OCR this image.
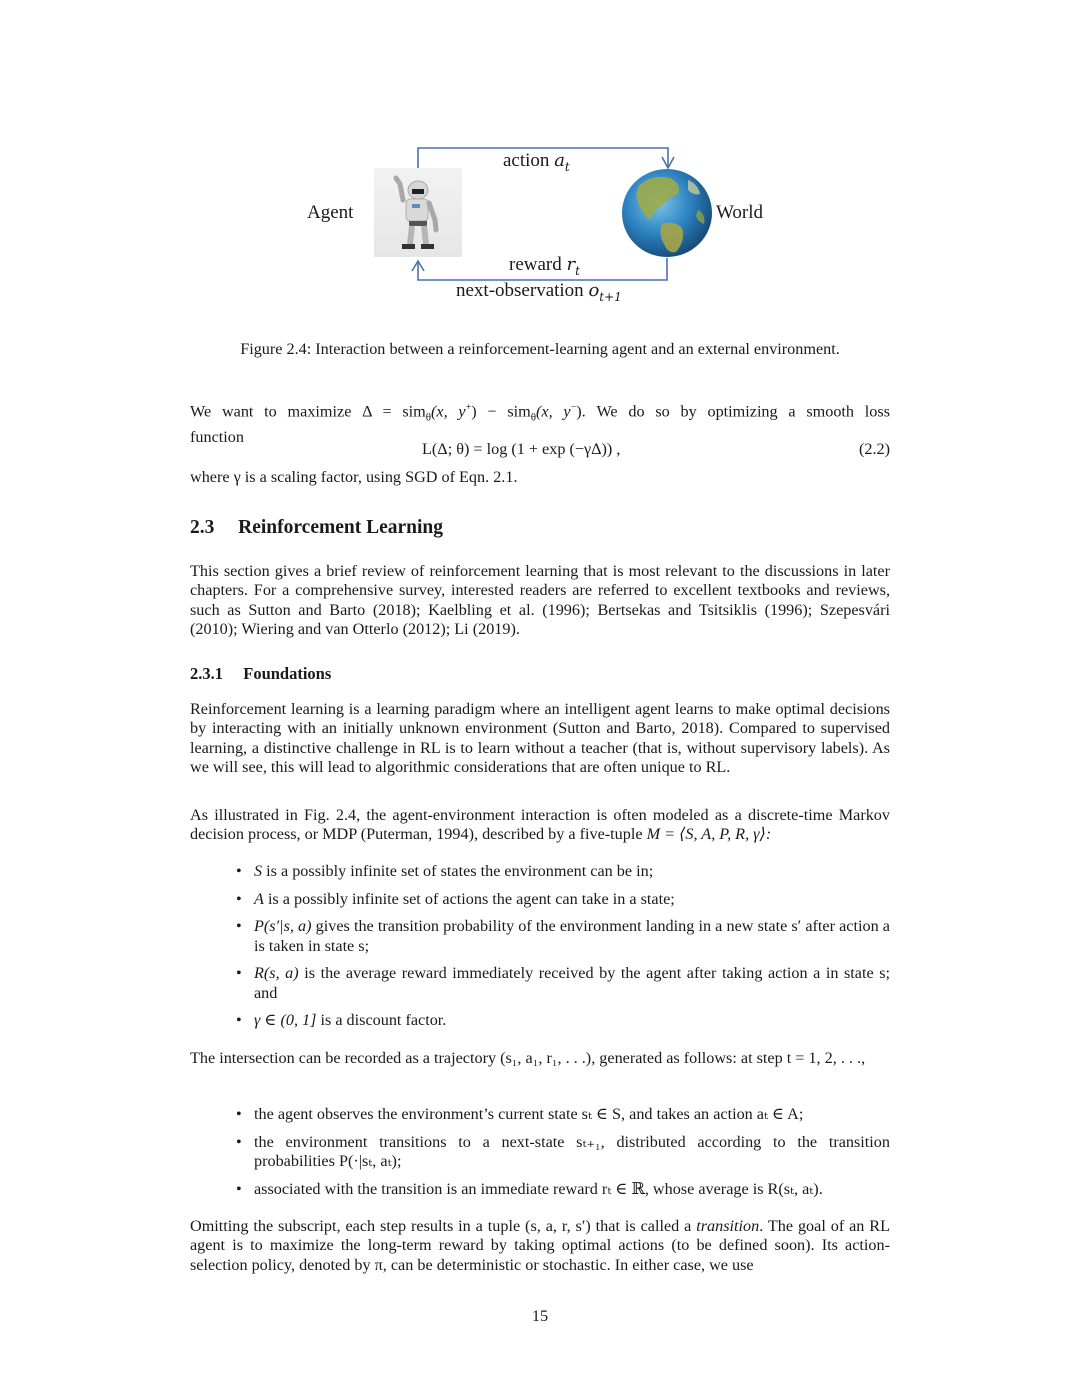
Agent	World
action $a_t$
reward $r_t$
next-observation $o_{t+1}$
Figure 2.4: Interaction between a reinforcement-learning agent and an external environment.
We want to maximize Δ = sim$_\theta$(x, y+) − sim$_\theta$(x, y−). We do so by optimizing a smooth loss
function
L(Δ; θ) = log (1 + exp (−γΔ)) ,	(2.2)
where γ is a scaling factor, using SGD of Eqn. 2.1.
2.3 Reinforcement Learning
This section gives a brief review of reinforcement learning that is most relevant to the discussions in later chapters. For a comprehensive survey, interested readers are referred to excellent textbooks and reviews, such as Sutton and Barto (2018); Kaelbling et al. (1996); Bertsekas and Tsitsiklis (1996); Szepesvári (2010); Wiering and van Otterlo (2012); Li (2019).
2.3.1 Foundations
Reinforcement learning is a learning paradigm where an intelligent agent learns to make optimal decisions by interacting with an initially unknown environment (Sutton and Barto, 2018). Compared to supervised learning, a distinctive challenge in RL is to learn without a teacher (that is, without supervisory labels). As we will see, this will lead to algorithmic considerations that are often unique to RL.
As illustrated in Fig. 2.4, the agent-environment interaction is often modeled as a discrete-time Markov decision process, or MDP (Puterman, 1994), described by a five-tuple M = ⟨S, A, P, R, γ⟩:
• S is a possibly infinite set of states the environment can be in;
• A is a possibly infinite set of actions the agent can take in a state;
• P(s′|s, a) gives the transition probability of the environment landing in a new state s′ after action a is taken in state s;
• R(s, a) is the average reward immediately received by the agent after taking action a in state s; and
• γ ∈ (0, 1] is a discount factor.
The intersection can be recorded as a trajectory (s₁, a₁, r₁, . . .), generated as follows: at step t = 1, 2, . . .,
• the agent observes the environment’s current state sₜ ∈ S, and takes an action aₜ ∈ A;
• the environment transitions to a next-state sₜ₊₁, distributed according to the transition probabilities P(·|sₜ, aₜ);
• associated with the transition is an immediate reward rₜ ∈ ℝ, whose average is R(sₜ, aₜ).
Omitting the subscript, each step results in a tuple (s, a, r, s′) that is called a transition. The goal of an RL agent is to maximize the long-term reward by taking optimal actions (to be defined soon). Its action-selection policy, denoted by π, can be deterministic or stochastic. In either case, we use
15
